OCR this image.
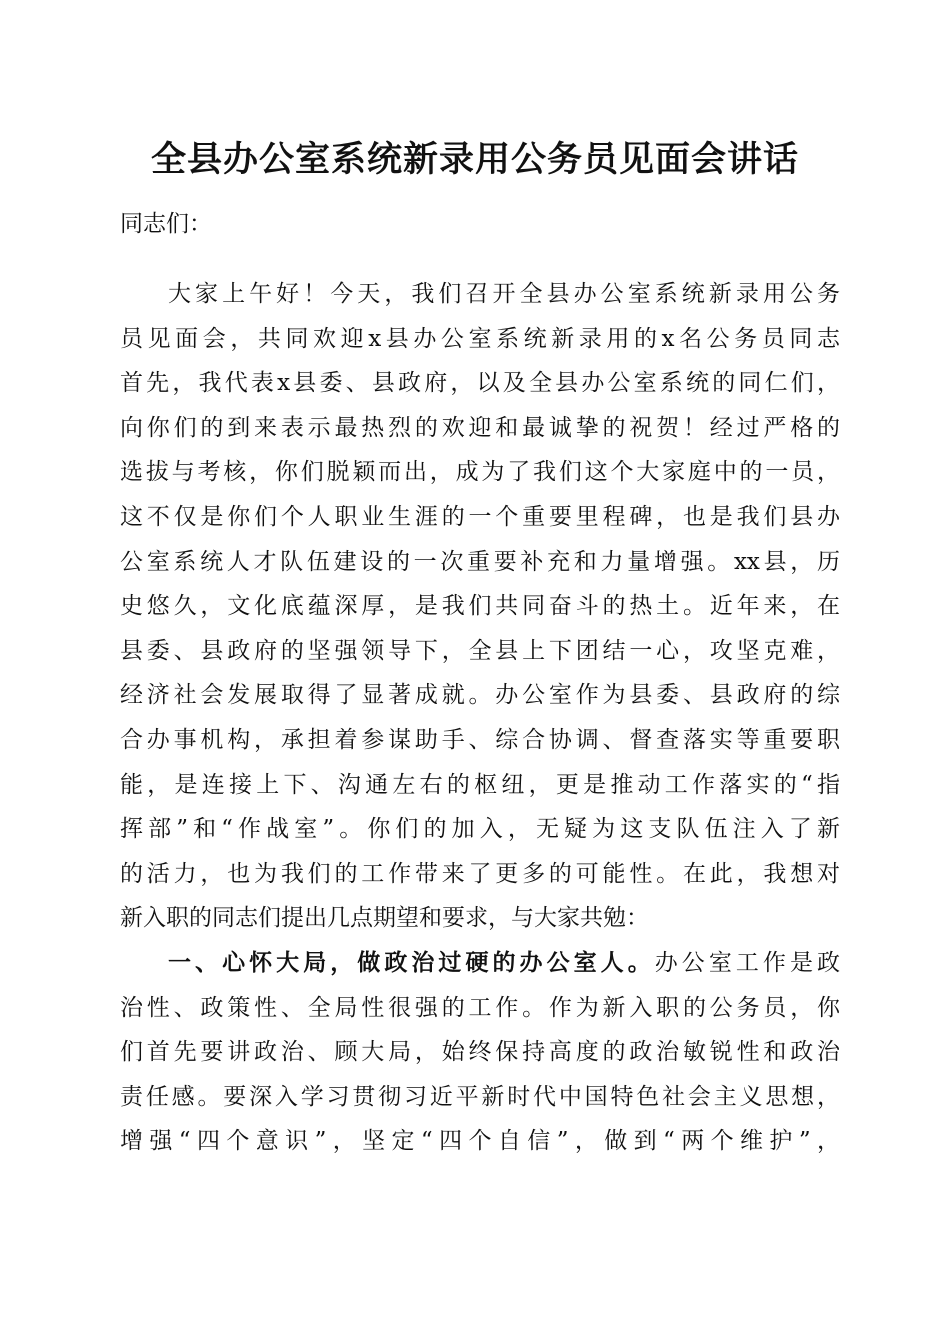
全县办公室系统新录用公务员见面会讲话

同志们：

大家上午好！今天，我们召开全县办公室系统新录用公务
员见面会，共同欢迎x县办公室系统新录用的x名公务员同志
首先，我代表x县委、县政府，以及全县办公室系统的同仁们，
向你们的到来表示最热烈的欢迎和最诚挚的祝贺！经过严格的
选拔与考核，你们脱颖而出，成为了我们这个大家庭中的一员，
这不仅是你们个人职业生涯的一个重要里程碑，也是我们县办
公室系统人才队伍建设的一次重要补充和力量增强。xx县，历
史悠久，文化底蕴深厚，是我们共同奋斗的热土。近年来，在
县委、县政府的坚强领导下，全县上下团结一心，攻坚克难，
经济社会发展取得了显著成就。办公室作为县委、县政府的综
合办事机构，承担着参谋助手、综合协调、督查落实等重要职
能，是连接上下、沟通左右的枢纽，更是推动工作落实的“指
挥部”和“作战室”。你们的加入，无疑为这支队伍注入了新
的活力，也为我们的工作带来了更多的可能性。在此，我想对
新入职的同志们提出几点期望和要求，与大家共勉：
一、心怀大局，做政治过硬的办公室人。办公室工作是政
治性、政策性、全局性很强的工作。作为新入职的公务员，你
们首先要讲政治、顾大局，始终保持高度的政治敏锐性和政治
责任感。要深入学习贯彻习近平新时代中国特色社会主义思想，
增强“四个意识”，坚定“四个自信”，做到“两个维护”，
